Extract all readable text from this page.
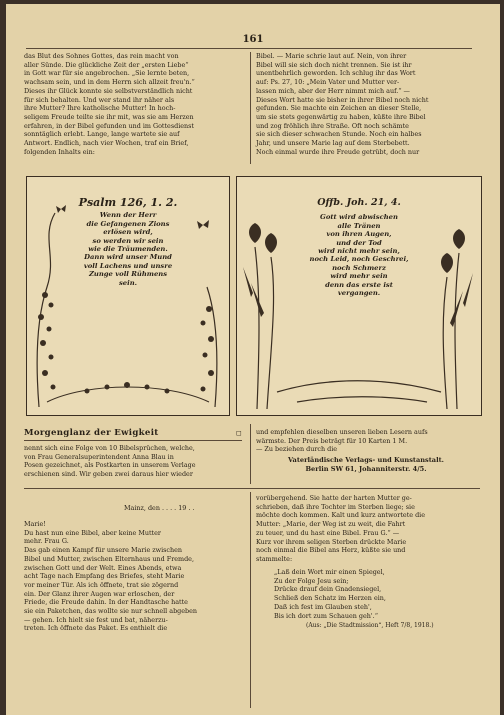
161

das Blut des Sohnes Gottes, das rein macht von

aller Sünde. Die glückliche Zeit der „ersten Liebe“

in Gott war für sie angebrochen. „Sie lernte beten,

wachsam sein, und in dem Herrn sich allzeit freu'n.“

Dieses ihr Glück konnte sie selbstverständlich nicht

für sich behalten. Und wer stand ihr näher als

ihre Mutter? Ihre katholische Mutter! In hoch-

seligem Freude teilte sie ihr mit, was sie am Herzen

erfahren, in der Bibel gefunden und im Gottesdienst

sonntäglich erlebt. Lange, lange wartete sie auf

Antwort. Endlich, nach vier Wochen, traf ein Brief,

folgenden Inhalts ein:

Bibel. — Marie schrie laut auf. Nein, von ihrer

Bibel will sie sich doch nicht trennen. Sie ist ihr

unentbehrlich geworden. Ich schlug ihr das Wort

auf: Ps. 27, 10: „Mein Vater und Mutter ver-

lassen mich, aber der Herr nimmt mich auf.“ —

Dieses Wort hatte sie bisher in ihrer Bibel noch nicht

gefunden. Sie machte ein Zeichen an dieser Stelle,

um sie stets gegenwärtig zu haben, küßte ihre Bibel

und zog fröhlich ihre Straße. Oft noch schämte

sie sich dieser schwachen Stunde. Noch ein halbes

Jahr, und unsere Marie lag auf dem Sterbebett.

Noch einmal wurde ihre Freude getrübt, doch nur

Psalm 126, 1. 2.

Wenn der Herr

die Gefangenen Zions

erlösen wird,

so werden wir sein

wie die Träumenden.

Dann wird unser Mund

voll Lachens und unsre

Zunge voll Rühmens

sein.

Offb. Joh. 21, 4.

Gott wird abwischen

alle Tränen

von ihren Augen,

und der Tod

wird nicht mehr sein,

noch Leid, noch Geschrei,

noch Schmerz

wird mehr sein

denn das erste ist

vergangen.

Morgenglanz der Ewigkeit	◻

nennt sich eine Folge von 10 Bibelsprüchen, welche,

von Frau Generalsuperintendent Anna Blau in

Posen gezeichnet, als Postkarten in unserem Verlage

erschienen sind. Wir geben zwei daraus hier wieder

und empfehlen dieselben unseren lieben Lesern aufs

wärmste. Der Preis beträgt für 10 Karten 1 M.

— Zu beziehen durch die

Vaterländische Verlags- und Kunstanstalt.

Berlin SW 61, Johanniterstr. 4/5.

Mainz, den . . . . 19 . .

Marie!

Du hast nun eine Bibel, aber keine Mutter

mehr. Frau G.

Das gab einen Kampf für unsere Marie zwischen

Bibel und Mutter, zwischen Elternhaus und Fremde,

zwischen Gott und der Welt. Eines Abends, etwa

acht Tage nach Empfang des Briefes, steht Marie

vor meiner Tür. Als ich öffnete, trat sie zögernd

ein. Der Glanz ihrer Augen war erloschen, der

Friede, die Freude dahin. In der Handtasche hatte

sie ein Paketchen, das wollte sie nur schnell abgeben

— gehen. Ich hielt sie fest und bat, näherzu-

treten. Ich öffnete das Paket. Es enthielt die

vorübergehend. Sie hatte der harten Mutter ge-

schrieben, daß ihre Tochter im Sterben liege; sie

möchte doch kommen. Kalt und kurz antwortete die

Mutter: „Marie, der Weg ist zu weit, die Fahrt

zu teuer, und du hast eine Bibel. Frau G.“ —

Kurz vor ihrem seligen Sterben drückte Marie

noch einmal die Bibel ans Herz, küßte sie und

stammelte:

„Laß dein Wort mir einen Spiegel,

Zu der Folge Jesu sein;

Drücke drauf dein Gnadensiegel,

Schließ den Schatz im Herzen ein,

Daß ich fest im Glauben steh',

Bis ich dort zum Schauen geh'.“

(Aus: „Die Stadtmission“, Heft 7/8, 1918.)
